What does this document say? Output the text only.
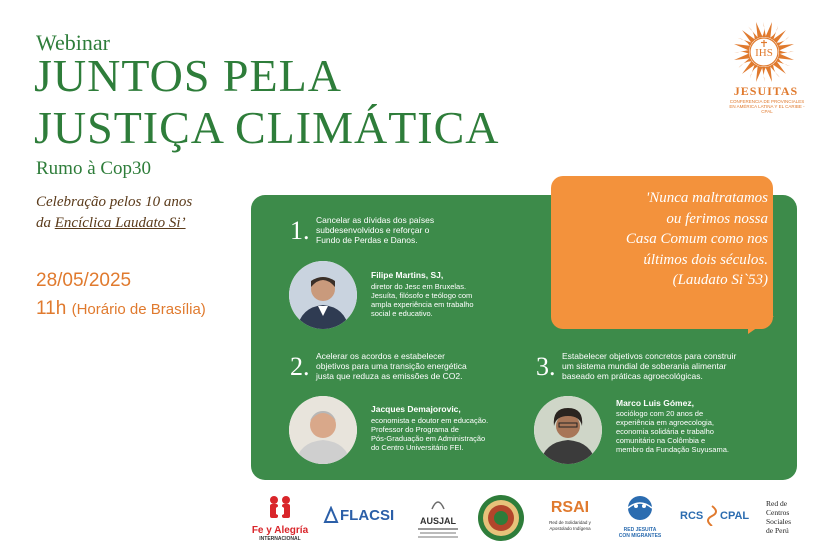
Webinar
JUNTOS PELA
JUSTIÇA CLIMÁTICA
Rumo à Cop30
Celebração pelos 10 anos
da Encíclica Laudato Si’
28/05/2025
11h (Horário de Brasília)
IHS
JESUITAS
CONFERENCIA DE PROVINCIALES EN AMÉRICA LATINA Y EL CARIBE - CPAL
1. Cancelar as dívidas dos países
subdesenvolvidos e reforçar o
Fundo de Perdas e Danos.
Filipe Martins, SJ,
diretor do Jesc em Bruxelas.
Jesuíta, filósofo e teólogo com
ampla experiência em trabalho
social e educativo.
2. Acelerar os acordos e estabelecer
objetivos para uma transição energética
justa que reduza as emissões de CO2.
Jacques Demajorovic,
economista e doutor em educação.
Professor do Programa de
Pós-Graduação em Administração
do Centro Universitário FEI.
3. Estabelecer objetivos concretos para construir
um sistema mundial de soberania alimentar
baseado em práticas agroecológicas.
Marco Luis Gómez,
sociólogo com 20 anos de
experiência em agroecologia,
economia solidária e trabalho
comunitário na Colômbia e
membro da Fundação Suyusama.
'Nunca maltratamos
ou ferimos nossa
Casa Comum como nos
últimos dois séculos.
(Laudato Si`53)
Fe y Alegría
INTERNACIONAL
FLACSI	AUSJAL
RSAI
Red de Solidaridad y Apostolado Indígena	RED JESUITA
CON MIGRANTES
RCS CPAL
Red de
Centros
Sociales
de Perú
